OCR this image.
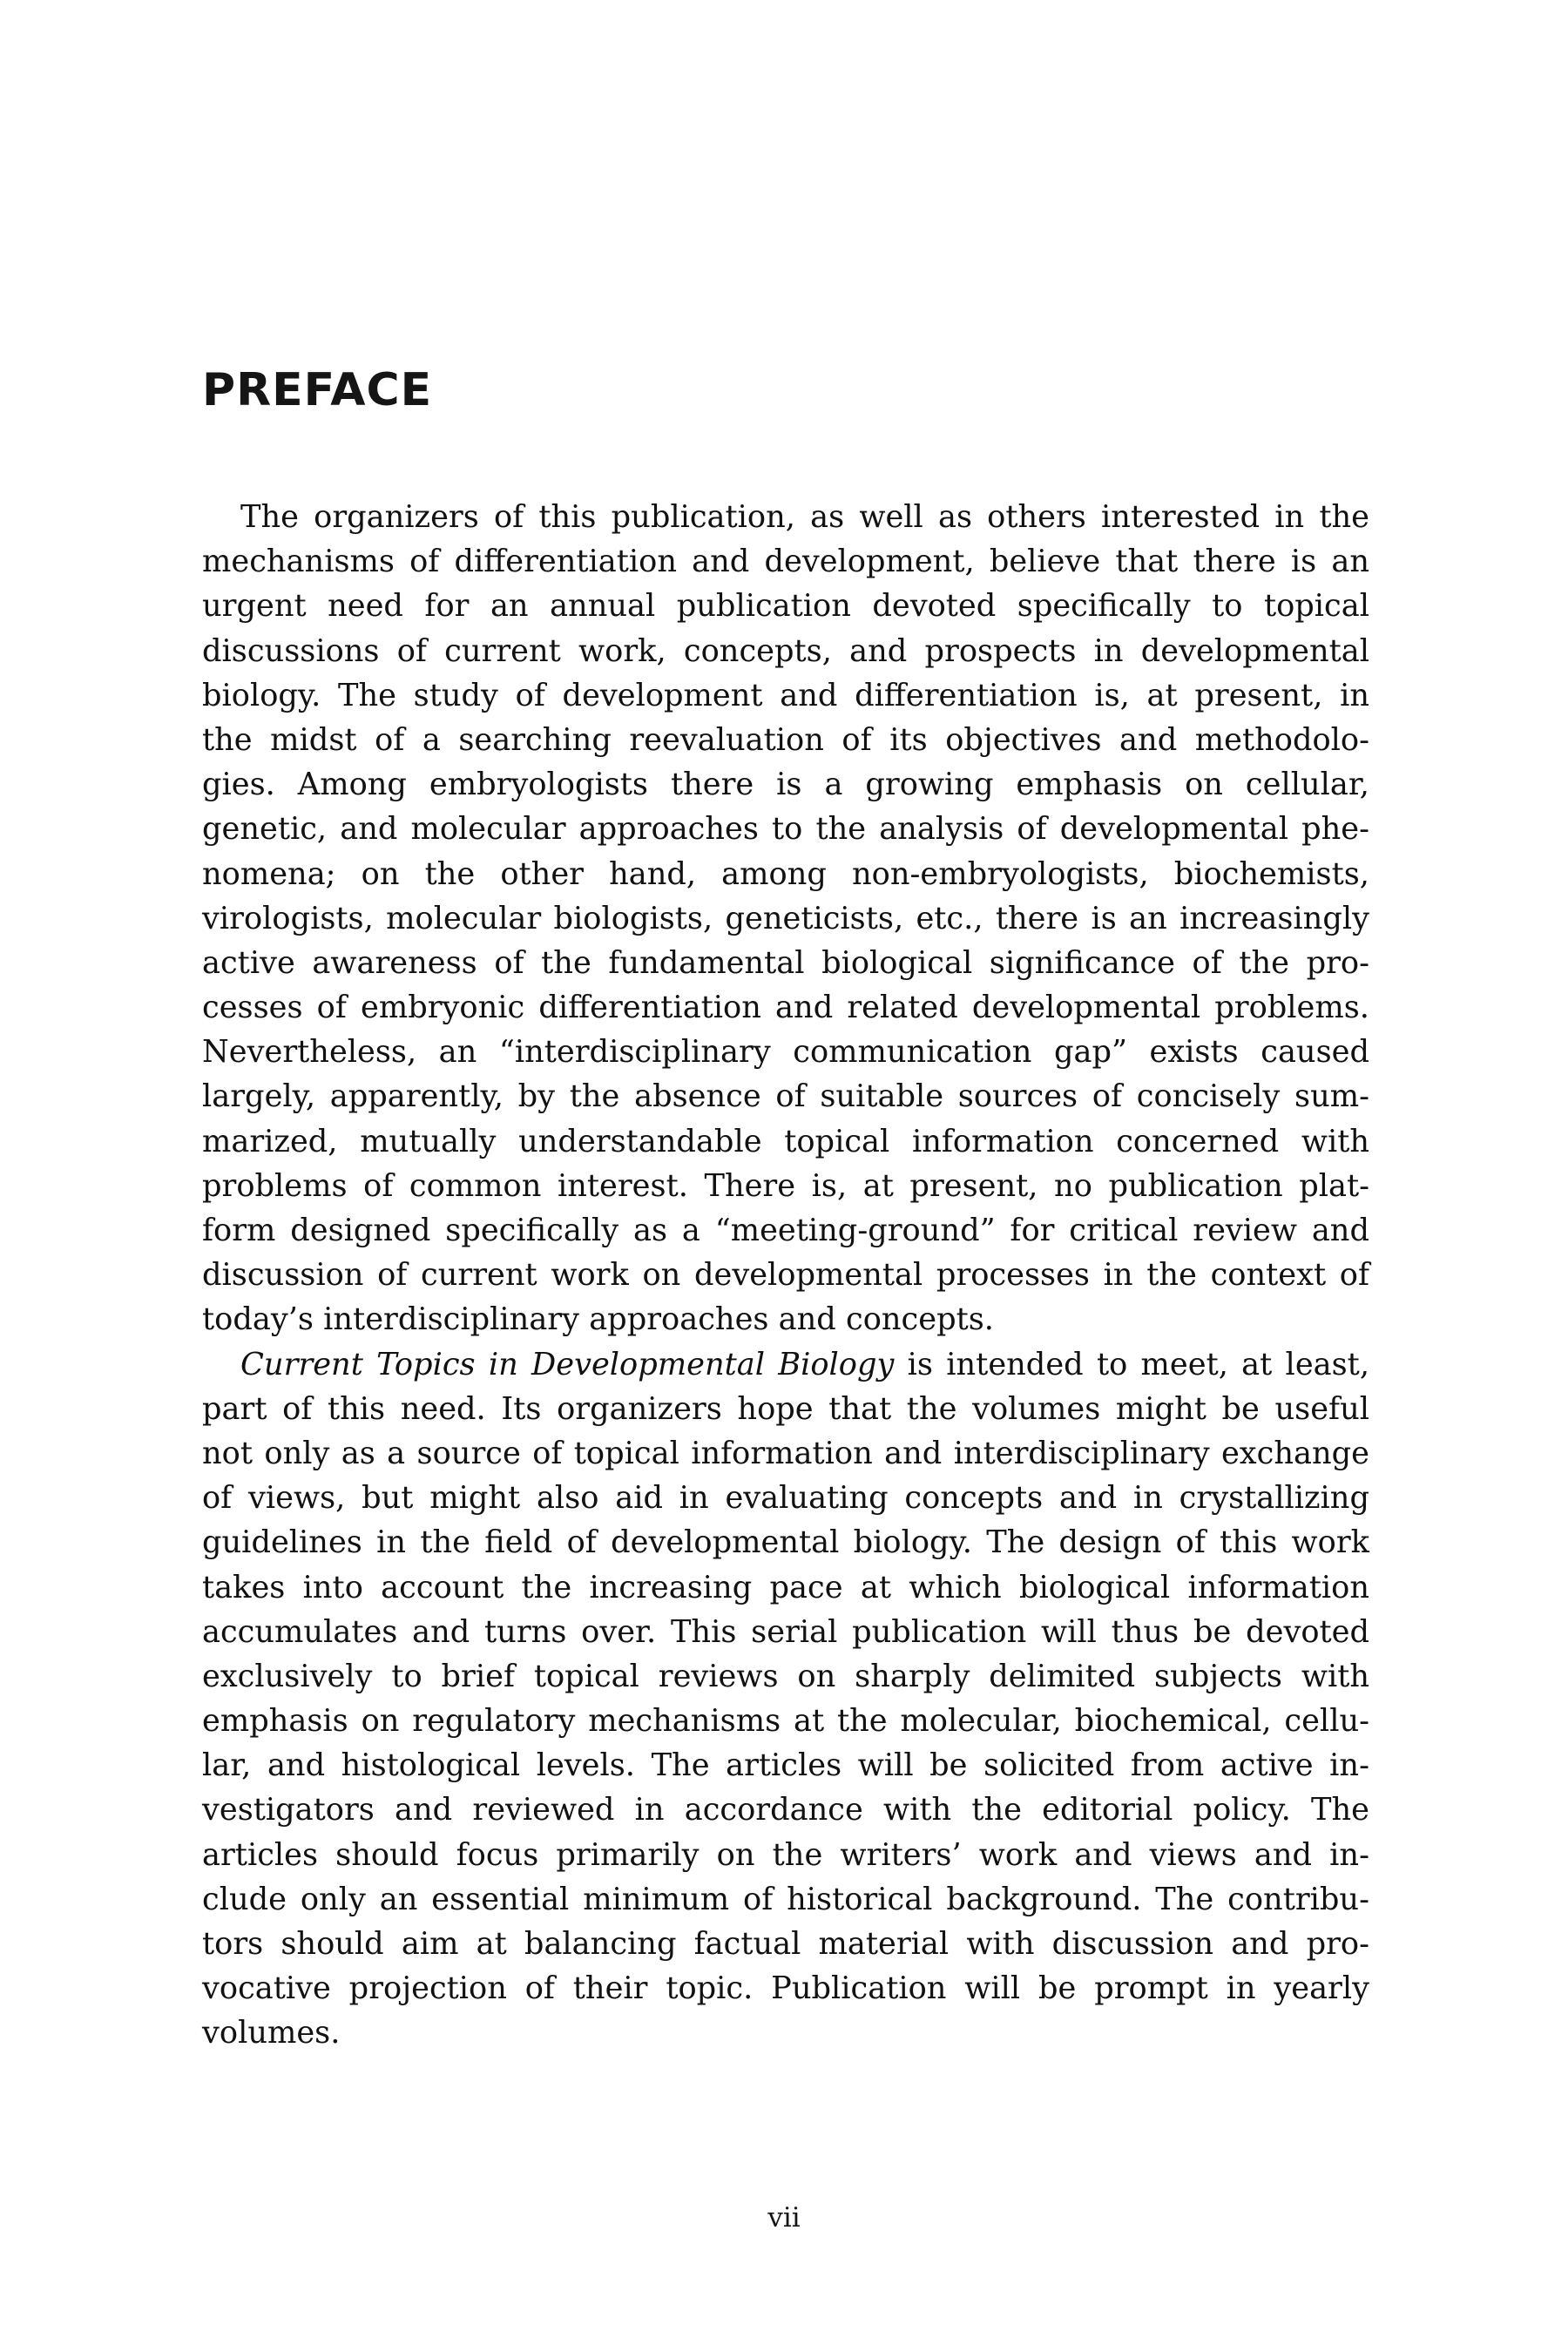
PREFACE
The organizers of this publication, as well as others interested in the
mechanisms of differentiation and development, believe that there is an
urgent need for an annual publication devoted specifically to topical
discussions of current work, concepts, and prospects in developmental
biology. The study of development and differentiation is, at present, in
the midst of a searching reevaluation of its objectives and methodolo-
gies. Among embryologists there is a growing emphasis on cellular,
genetic, and molecular approaches to the analysis of developmental phe-
nomena; on the other hand, among non-embryologists, biochemists,
virologists, molecular biologists, geneticists, etc., there is an increasingly
active awareness of the fundamental biological significance of the pro-
cesses of embryonic differentiation and related developmental problems.
Nevertheless, an “interdisciplinary communication gap” exists caused
largely, apparently, by the absence of suitable sources of concisely sum-
marized, mutually understandable topical information concerned with
problems of common interest. There is, at present, no publication plat-
form designed specifically as a “meeting-ground” for critical review and
discussion of current work on developmental processes in the context of
today’s interdisciplinary approaches and concepts.
Current Topics in Developmental Biology is intended to meet, at least,
part of this need. Its organizers hope that the volumes might be useful
not only as a source of topical information and interdisciplinary exchange
of views, but might also aid in evaluating concepts and in crystallizing
guidelines in the field of developmental biology. The design of this work
takes into account the increasing pace at which biological information
accumulates and turns over. This serial publication will thus be devoted
exclusively to brief topical reviews on sharply delimited subjects with
emphasis on regulatory mechanisms at the molecular, biochemical, cellu-
lar, and histological levels. The articles will be solicited from active in-
vestigators and reviewed in accordance with the editorial policy. The
articles should focus primarily on the writers’ work and views and in-
clude only an essential minimum of historical background. The contribu-
tors should aim at balancing factual material with discussion and pro-
vocative projection of their topic. Publication will be prompt in yearly
volumes.
vii
